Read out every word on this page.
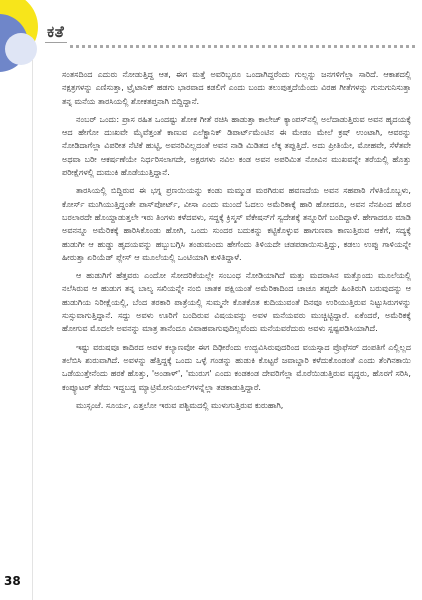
ಕತೆ

ಸಂತಸದಿಂದ ಎದುರು ನೋಡುತ್ತಿದ್ದ ಆತ, ಈಗ ಮತ್ತೆ ಅವರಿಬ್ಬರೂ ಒಂದಾಗಿದ್ದರೆಂದು ಗುಲ್ಲನ್ನು ಜನಗಳಿಗೆಲ್ಲಾ ಸಾರಿದೆ. ಆಕಾಶದಲ್ಲಿ ನಕ್ಷತ್ರಗಳನ್ನು ಎಣಿಸುತ್ತಾ, ಟ್ರೈಟಾನಿಕ್ ಹಡಗು ಭಾರವಾದ ಕಡಲಿಗೆ ಎಂದು ಬಂದು ತಲುಪುತ್ತದೆಯೆಂದು ವಿರಹ ಗೀತೆಗಳನ್ನು ಗುನುಗುನಿಸುತ್ತಾ ತನ್ನ ಮನೆಯ ತಾರಸಿಯಲ್ಲಿ ಶೋಕತಪ್ತನಾಗಿ ಬಿದ್ದಿದ್ದಾನೆ.

ನಂಬರ್ ಒಂದು: ಪ್ರಾಸ ರಹಿತ ಒಂದಷ್ಟು ಶೋಕ ಗೀತೆ ರಚಿಸಿ ಹಾಡುತ್ತಾ ಕಾಲೇಜ್ ಕ್ಯಾಂಪಸ್‌ನಲ್ಲಿ ಅಲೆದಾಡುತ್ತಿರುವ ಅವನ ಹೃದಯಕ್ಕೆ ಆದ ಹೇಗೋ ದುಃಖವೇ ಮೈವೆತ್ತಂತೆ ಕಾಣುವ ಎಲೆಕ್ಟ್ರಾನಿಕ್ ಡಿಪಾರ್ಟ್‌ಮೆಂಟಿನ ಈ ಮೇಡಂ ಮೇಲೆ ಕ್ರಷ್ ಉಂಟಾಗಿ, ಆವರನ್ನು ನೋಡಿದಾಗೆಲ್ಲಾ ವಿಪರೀತ ನೆಟಿಕೆ ಹುಟ್ಟಿ, ಅವನರಿವಿಲ್ಲದಂತೆ ಅವನ ನಾಡಿ ಮಿಡಿತದ ಲೆಕ್ಕ ತಪ್ಪುತ್ತಿದೆ. ಅದು ಪ್ರೀತಿಯೇ, ಮೋಹವೇ, ಸೆಳೆತವೇ ಅಥವಾ ಬರೀ ಆಕರ್ಷಣೆಯೇ ನಿರ್ಧರಿಸಲಾಗದೇ, ಅಕ್ಷರಗಳು ನವಿಲ ಕಂಡ ಅವನ ಅಪರಿಮಿತ ನೋವಿನ ಮುಖವನ್ನೇ ತರೆಯಲ್ಲಿ ಹೊತ್ತು ಪರೀಕ್ಷೆಗಳಲ್ಲಿ ದುಮುಕಿ ಹೊಡೆಯುತ್ತಿದ್ದಾನೆ.

ತಾರಸಿಯಲ್ಲಿ ಬಿದ್ದಿರುವ ಈ ಭಗ್ನ ಪ್ರಣಯಿಯನ್ನು ಕಂಡು ಮಮ್ಮುಡ ಮರಗಿರುವ ಹವಣದೆಯ ಅವನ ಸಹಪಾಠಿ ಗೆಳತಿಯೊಬ್ಬಳು, ಕೋರ್ಸ್ ಮುಗಿಯುತ್ತಿದ್ದಂತೇ ಪಾಸ್‌ಪೋರ್ಟ್, ವೀಸಾ ಎಂದು ಮುಂದೆ ಓದಲು ಅಮೆರಿಕಾಕ್ಕೆ ಹಾರಿ ಹೋದರೂ, ಅವನ ನೆನಪಿಂದ ಹೊರ ಬರಲಾರದೇ ಹೊಯ್ದಾಡುತ್ತಲೇ ಇರು ತಿಂಗಳು ಕಳೆದವಳು, ಸದ್ದಕ್ಕೆ ಕ್ರಿಸ್ಮಸ್ ವೆಕೇಷನ್‌ಗೆ ಸ್ವದೇಶಕ್ಕೆ ತನ್ನೂರಿಗೆ ಬಂದಿದ್ದಾಳೆ. ಹೇಗಾದರೂ ಮಾಡಿ ಅವನನ್ನೂ ಅಮೆರಿಕಕ್ಕೆ ಹಾರಿಸಿಕೊಂಡು ಹೋಗಿ, ಒಂದು ಸುಂದರ ಬದುಕನ್ನು ಕಟ್ಟಿಕೊಳ್ಳುವ ಹಾಗುಣವಾ ಕಾಣುತ್ತಿರುವ ಆಕೆಗೆ, ಸದ್ಯಕ್ಕೆ ಹುಡುಗೀ ಆ ಹುಡ್ಡು ಹೃದಯವನ್ನು ಹಬ್ಬುಬಗ್ಗಿಸಿ ತಂಡುಮಂದು ಹೇಗೆಂದು ತಿಳಿಯದೇ ಚಡಪಡಾಯಿಸುತ್ತಿದ್ದು, ಕಡಲು ಉಪ್ಪು ಗಾಳಿಯನ್ನೇ ಹೀರುತ್ತಾ ಏರಿಯೆಡ್ ಪ್ಲೇಸ್ ಆ ಮೂಲೆಯಲ್ಲಿ ಒಂಟಿಯಾಗಿ ಕುಳಿತಿದ್ದಾಳೆ.

ಆ ಹುಡುಗಿಗೆ ಹೆತ್ತವರು ಎಂದೋ ಸೋದರಿಕೆಯಲ್ಲೇ ಸಂಬಂಧ ನೋಡಿಯಾಗಿದೆ ಮತ್ತು ಮದರಾಸಿನ ಮತ್ತೊಂದು ಮೂಲೆಯಲ್ಲಿ ನಲೆಸಿರುವ ಆ ಹುಡುಗ ತನ್ನ ಬಾಲ್ಯ ಸಖಿಯನ್ನೇ ನಂಬಿ ಚಾತಕ ಪಕ್ಷಿಯಂತೆ ಅಮೆರಿಕಾದಿಂದ ಚಾಚೂ ತಪ್ಪದೇ ಹಿಂತಿರುಗಿ ಬರುವುದನ್ನು ಆ ಹುಡುಗಿಯ ನಿರೀಕ್ಷೆಯಲ್ಲಿ, ಬೆಂದ ತರಕಾರಿ ಪಾತ್ರೆಯಲ್ಲಿ ಸುಮ್ಮನೇ ಕೊತಕೊತ ಕುದಿಯುವಂತೆ ದಿನವೂ ಉರಿಯುತ್ತಿರುವ ನಿಟ್ಟುಸಿರುಗಳನ್ನು ಸುಸ್ಸುವಾಗುತ್ತಿದ್ದಾನೆ. ಸದ್ದು ಅವಳು ಊರಿಗೆ ಬಂದಿರುವ ವಿಷಯವನ್ನು ಅವಳ ಮನೆಯವರು ಮುಚ್ಚಿಟ್ಟಿದ್ದಾರೆ. ಏಕೆಂದರೆ, ಅಮೆರಿಕಕ್ಕೆ ಹೋಗುವ ಮೊದಲೇ ಅವನನ್ನು ಮಾತ್ರ ತಾನೆಂದೂ ವಿವಾಹವಾಗುವುದಿಲ್ಲವೆಂದು ಮನೆಯವರೆದುರು ಅವಳು ಸ್ಪಷ್ಟಪಡಿಸಿಯಾಗಿದೆ.

ಇಷ್ಟು ವರುಷವೂ ಕಾದಿರದ ಅವಳ ಕಲ್ಯಾಣವೋ ಈಗ ದಿಢೀರೆಂದು ಉದ್ಭವಿಸಿರುವುದರಿಂದ ವಯಸ್ಸಾದ ಪ್ರೊಫೆಸರ್ ದಂಪತಿಗೆ ಎಲ್ಲಿಲ್ಲದ ತಲೆಬಿಸಿ ಶುರುವಾಗಿದೆ. ಅವಳನ್ನು ಹೆತ್ತಿದ್ದಕ್ಕೆ ಒಂದು ಒಳ್ಳೆ ಗಂಡನ್ನು ಹುಡುಕಿ ಕೊಟ್ಟರೆ ಜವಾಬ್ದಾರಿ ಕಳೆದುಕೊಂಡಂತೆ ಎಂದು ತೆಂಗಿನಕಾಯಿ ಒಡೆಯುತ್ತೇನೆಂದು ಹರಕೆ ಹೊತ್ತು, 'ಅಂಡಾಳ್', 'ಮುರುಗ' ಎಂದು ಕಂಡಕಂಡ ದೇವರಿಗೆಲ್ಲಾ ಮೊರೆಯಿಡುತ್ತಿರುವ ವೃದ್ಧರು, ಹೊರಗೆ ಸರಿಸಿ, ಕಂಪ್ಯೂಟರ್ ತೆರೆದು ಇದ್ದಬದ್ದ ಮ್ಯಾಟ್ರಿಮೋನಿಯಲ್‌ಗಳನ್ನೆಲ್ಲಾ ತಡಕಾಡುತ್ತಿದ್ದಾರೆ.

ಮುಸ್ಸಂಜೆ. ಸೂರ್ಯ, ಎತ್ತಲೋ ಇರುವ ಪಶ್ಚಿಮದಲ್ಲಿ ಮುಳುಗುತ್ತಿರುವ ಕುರುಹಾಗಿ,

38
